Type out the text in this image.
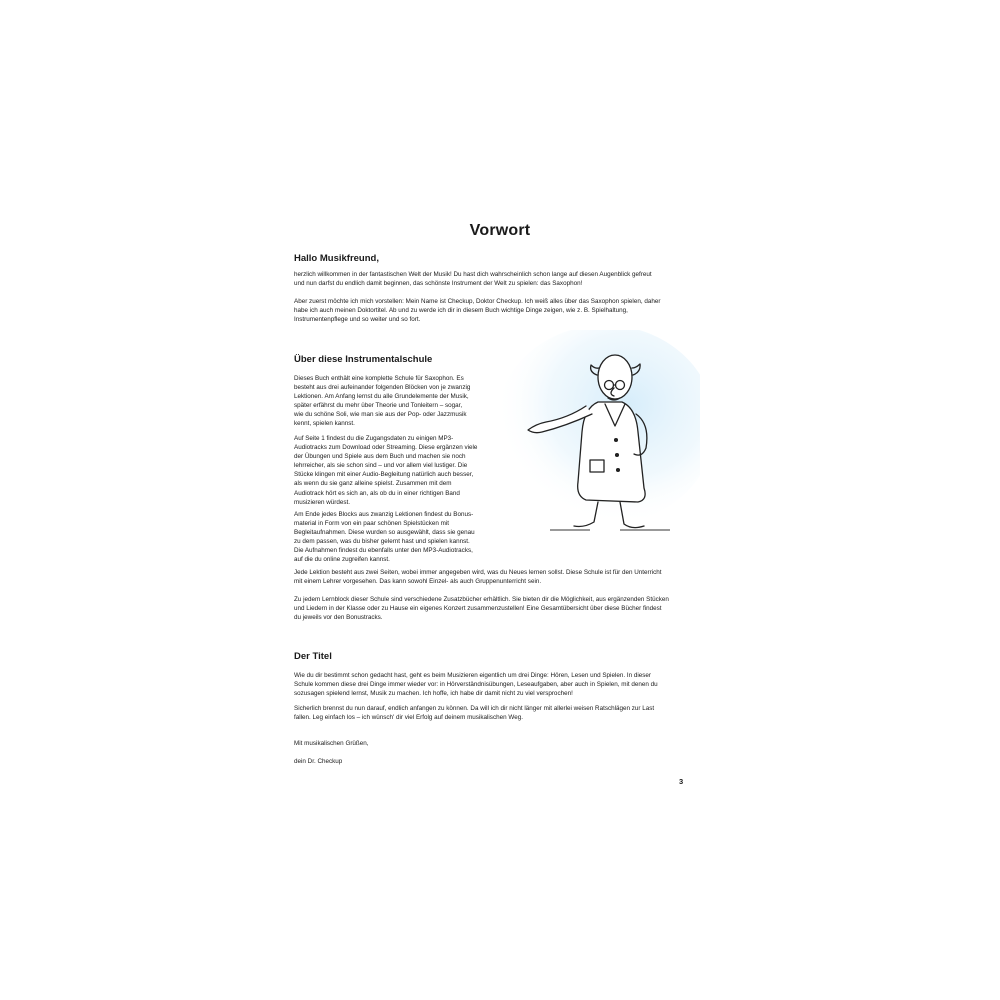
Vorwort
Hallo Musikfreund,

herzlich willkommen in der fantastischen Welt der Musik! Du hast dich wahrscheinlich schon lange auf diesen Augenblick gefreut
und nun darfst du endlich damit beginnen, das schönste Instrument der Welt zu spielen: das Saxophon!

Aber zuerst möchte ich mich vorstellen: Mein Name ist Checkup, Doktor Checkup. Ich weiß alles über das Saxophon spielen, daher
habe ich auch meinen Doktortitel. Ab und zu werde ich dir in diesem Buch wichtige Dinge zeigen, wie z. B. Spielhaltung,
Instrumentenpflege und so weiter und so fort.

Über diese Instrumentalschule

Dieses Buch enthält eine komplette Schule für Saxophon. Es
besteht aus drei aufeinander folgenden Blöcken von je zwanzig
Lektionen. Am Anfang lernst du alle Grundelemente der Musik,
später erfährst du mehr über Theorie und Tonleitern – sogar,
wie du schöne Soli, wie man sie aus der Pop- oder Jazzmusik
kennt, spielen kannst.

Auf Seite 1 findest du die Zugangsdaten zu einigen MP3-
Audiotracks zum Download oder Streaming. Diese ergänzen viele
der Übungen und Spiele aus dem Buch und machen sie noch
lehrreicher, als sie schon sind – und vor allem viel lustiger. Die
Stücke klingen mit einer Audio-Begleitung natürlich auch besser,
als wenn du sie ganz alleine spielst. Zusammen mit dem
Audiotrack hört es sich an, als ob du in einer richtigen Band
musizieren würdest.

Am Ende jedes Blocks aus zwanzig Lektionen findest du Bonus-
material in Form von ein paar schönen Spielstücken mit
Begleitaufnahmen. Diese wurden so ausgewählt, dass sie genau
zu dem passen, was du bisher gelernt hast und spielen kannst.
Die Aufnahmen findest du ebenfalls unter den MP3-Audiotracks,
auf die du online zugreifen kannst.

Jede Lektion besteht aus zwei Seiten, wobei immer angegeben wird, was du Neues lernen sollst. Diese Schule ist für den Unterricht
mit einem Lehrer vorgesehen. Das kann sowohl Einzel- als auch Gruppenunterricht sein.

Zu jedem Lernblock dieser Schule sind verschiedene Zusatzbücher erhältlich. Sie bieten dir die Möglichkeit, aus ergänzenden Stücken
und Liedern in der Klasse oder zu Hause ein eigenes Konzert zusammenzustellen! Eine Gesamtübersicht über diese Bücher findest
du jeweils vor den Bonustracks.

Der Titel

Wie du dir bestimmt schon gedacht hast, geht es beim Musizieren eigentlich um drei Dinge: Hören, Lesen und Spielen. In dieser
Schule kommen diese drei Dinge immer wieder vor: in Hörverständnisübungen, Leseaufgaben, aber auch in Spielen, mit denen du
sozusagen spielend lernst, Musik zu machen. Ich hoffe, ich habe dir damit nicht zu viel versprochen!

Sicherlich brennst du nun darauf, endlich anfangen zu können. Da will ich dir nicht länger mit allerlei weisen Ratschlägen zur Last
fallen. Leg einfach los – ich wünsch' dir viel Erfolg auf deinem musikalischen Weg.

Mit musikalischen Grüßen,

dein Dr. Checkup

3
